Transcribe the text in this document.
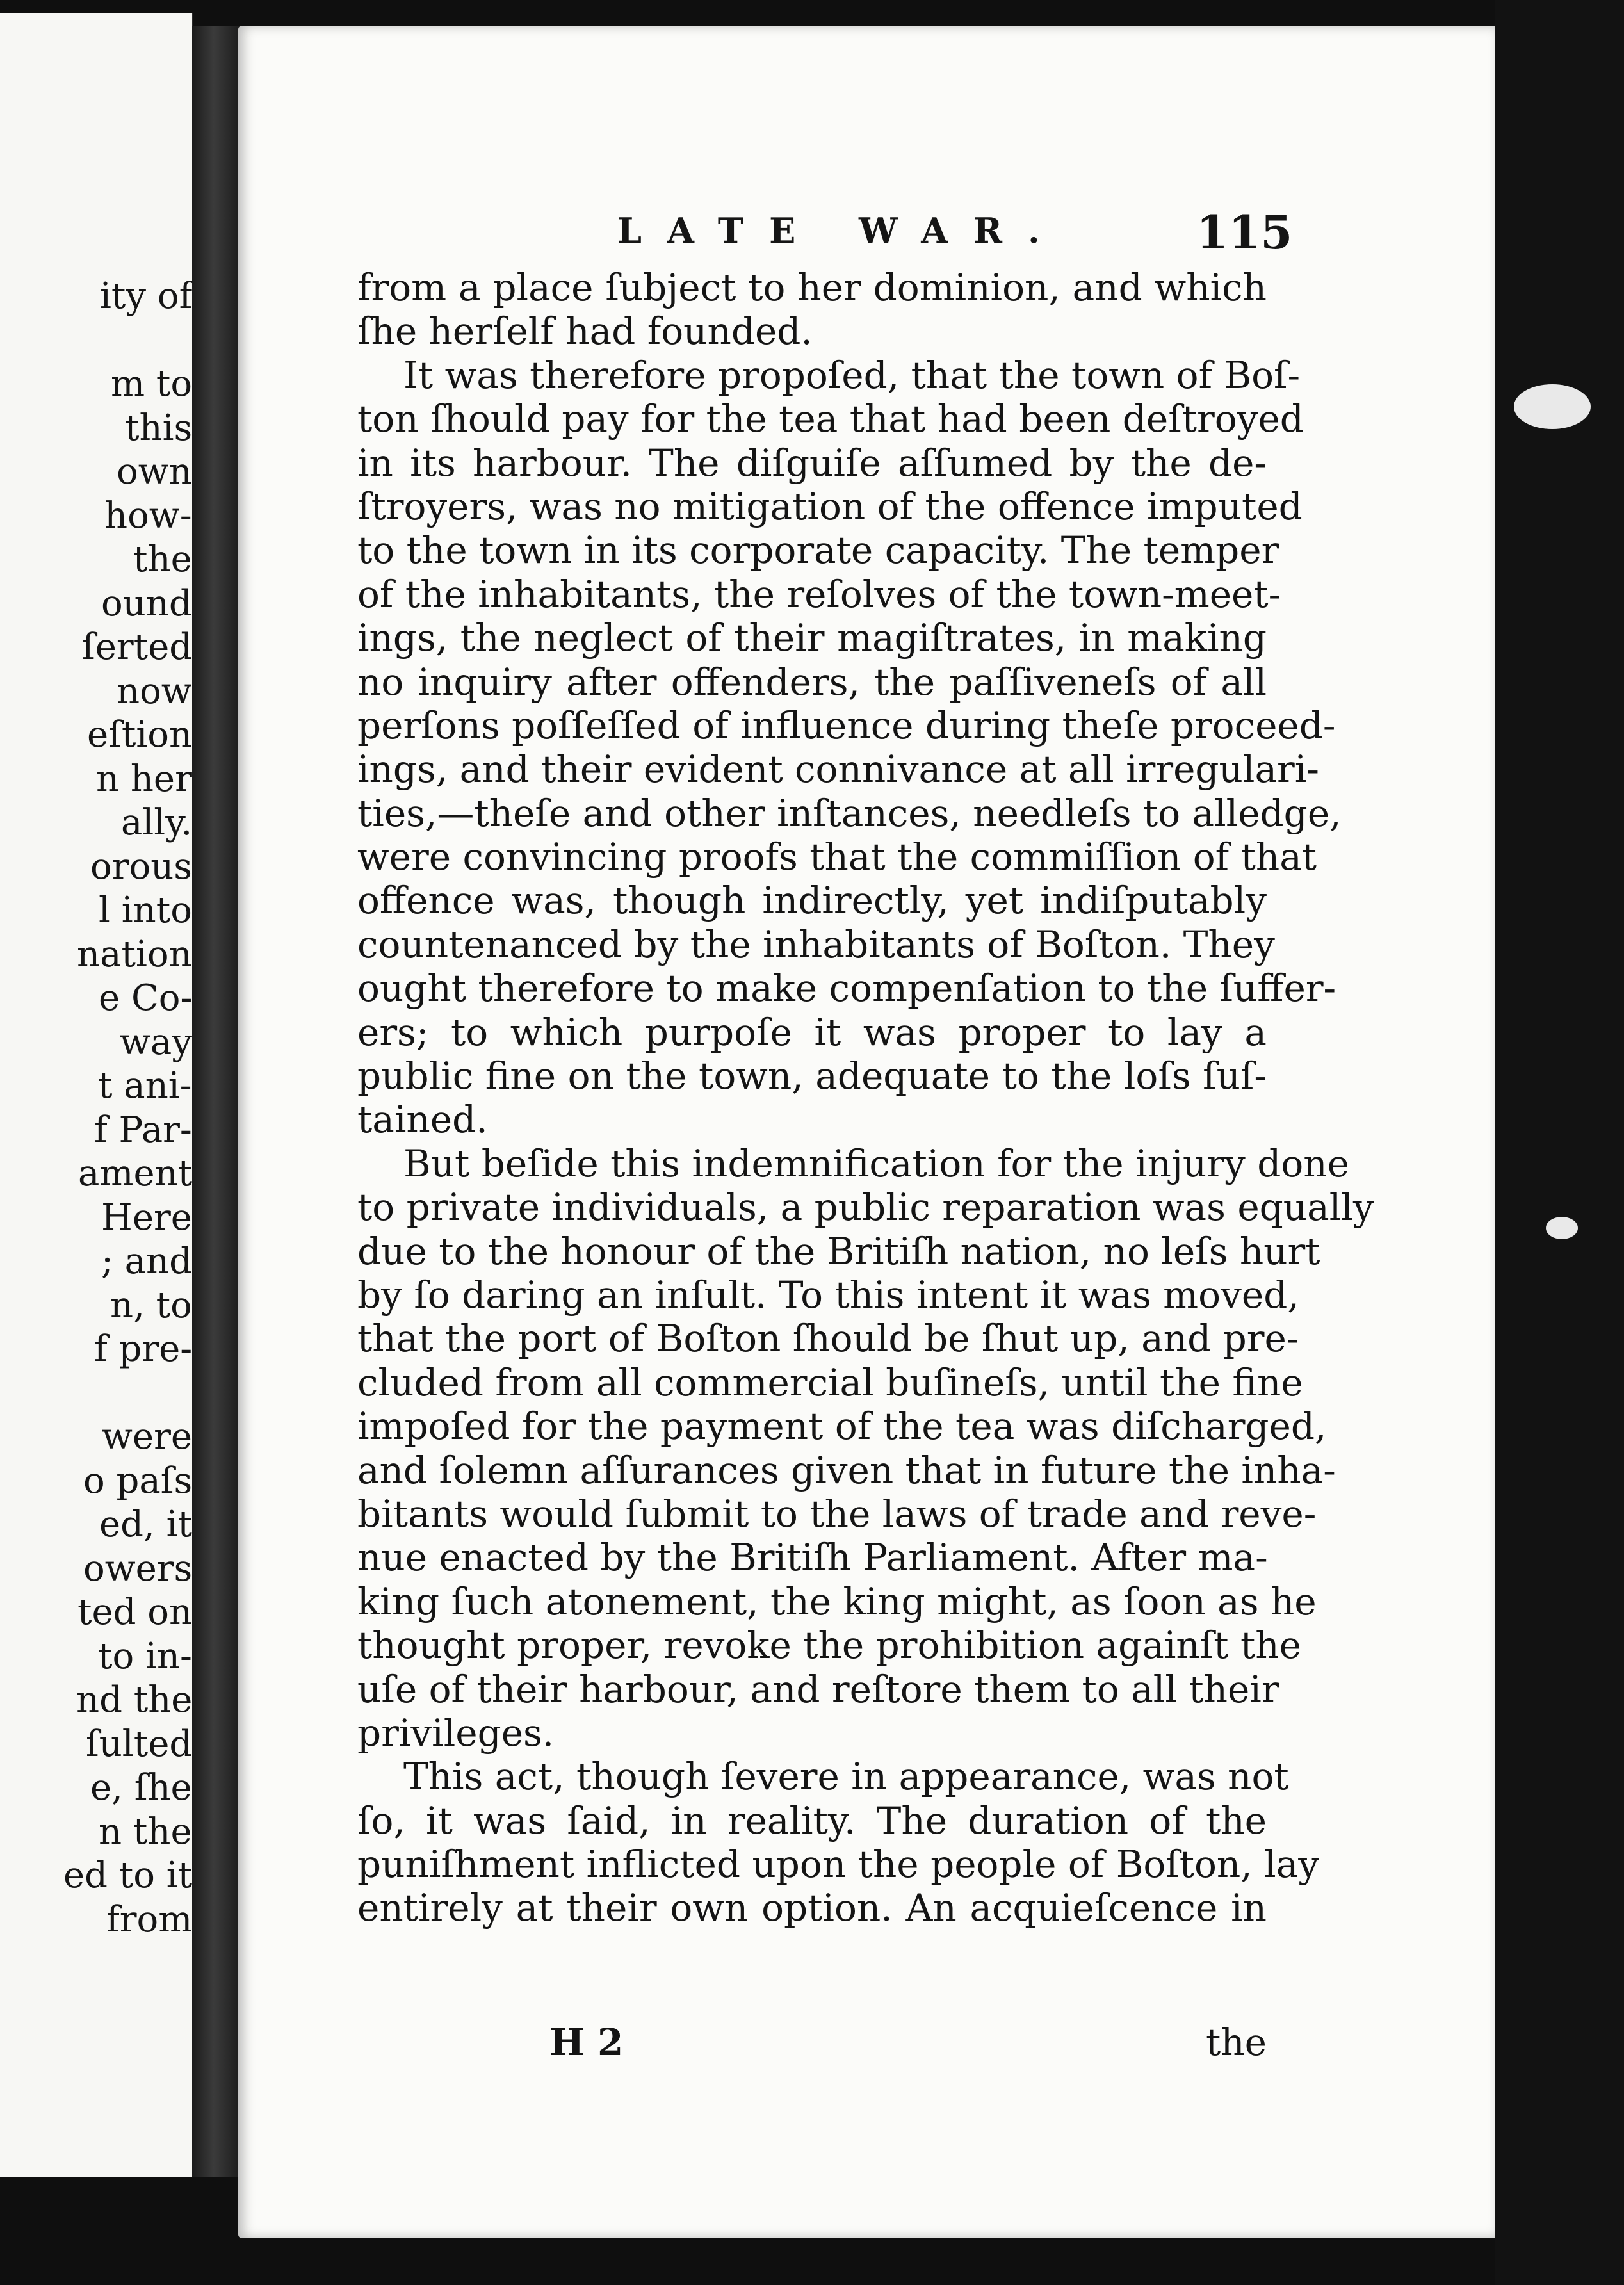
ity of
m to
this
own
how-
the
ound
ſerted
now
eſtion
n her
ally.
orous
l into
nation
e Co-
way
t ani-
f Par-
ament
Here
; and
n, to
f pre-
were
o paſs
ed, it
owers
ted on
to in-
nd the
ſulted
e, ſhe
n the
ed to it
from
LATE WAR.	115
from a place ſubject to her dominion, and which
ſhe herſelf had founded.
It was therefore propoſed, that the town of Boſ-
ton ſhould pay for the tea that had been deſtroyed
in its harbour. The diſguiſe aſſumed by the de-
ſtroyers, was no mitigation of the offence imputed
to the town in its corporate capacity. The temper
of the inhabitants, the reſolves of the town-meet-
ings, the neglect of their magiſtrates, in making
no inquiry after offenders, the paſſiveneſs of all
perſons poſſeſſed of influence during theſe proceed-
ings, and their evident connivance at all irregulari-
ties,—theſe and other inſtances, needleſs to alledge,
were convincing proofs that the commiſſion of that
offence was, though indirectly, yet indiſputably
countenanced by the inhabitants of Boſton. They
ought therefore to make compenſation to the ſuffer-
ers; to which purpoſe it was proper to lay a
public fine on the town, adequate to the loſs ſuſ-
tained.
But beſide this indemnification for the injury done
to private individuals, a public reparation was equally
due to the honour of the Britiſh nation, no leſs hurt
by ſo daring an inſult. To this intent it was moved,
that the port of Boſton ſhould be ſhut up, and pre-
cluded from all commercial buſineſs, until the fine
impoſed for the payment of the tea was diſcharged,
and ſolemn aſſurances given that in future the inha-
bitants would ſubmit to the laws of trade and reve-
nue enacted by the Britiſh Parliament. After ma-
king ſuch atonement, the king might, as ſoon as he
thought proper, revoke the prohibition againſt the
uſe of their harbour, and reſtore them to all their
privileges.
This act, though ſevere in appearance, was not
ſo, it was ſaid, in reality. The duration of the
puniſhment inflicted upon the people of Boſton, lay
entirely at their own option. An acquieſcence in
H 2	the
